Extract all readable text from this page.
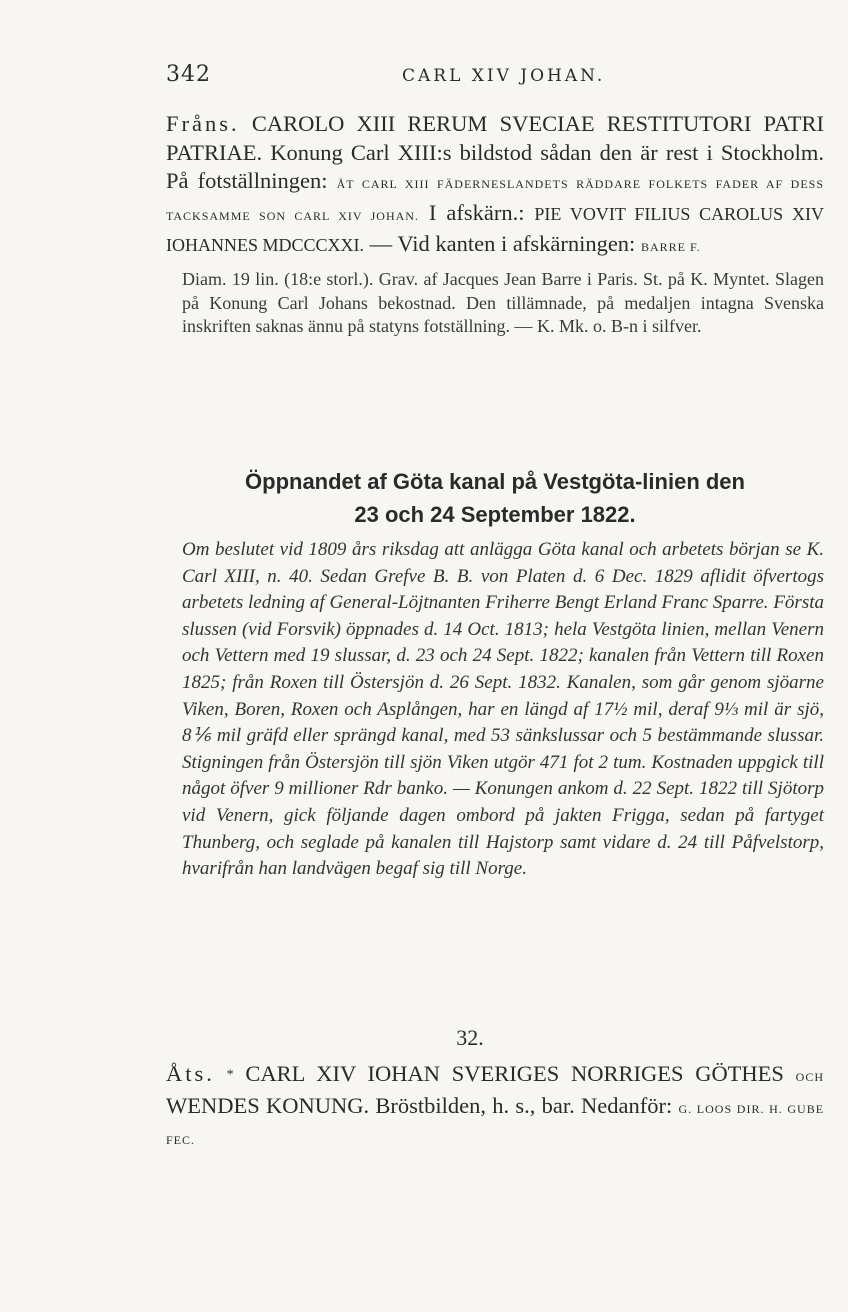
342	CARL XIV JOHAN.

Fråns. CAROLO XIII RERUM SVECIAE RESTITUTORI PATRI PATRIAE. Konung Carl XIII:s bildstod sådan den är rest i Stockholm. På fotställningen: ÅT CARL XIII FÄDERNESLANDETS RÄDDARE FOLKETS FADER AF DESS TACKSAMME SON CARL XIV JOHAN. I afskärn.: PIE VOVIT FILIUS CAROLUS XIV IOHANNES MDCCCXXI. — Vid kanten i afskärningen: BARRE F.

Diam. 19 lin. (18:e storl.). Grav. af Jacques Jean Barre i Paris. St. på K. Myntet. Slagen på Konung Carl Johans bekostnad. Den tillämnade, på medaljen intagna Svenska inskriften saknas ännu på statyns fotställning. — K. Mk. o. B-n i silfver.

Öppnandet af Göta kanal på Vestgöta-linien den
23 och 24 September 1822.

Om beslutet vid 1809 års riksdag att anlägga Göta kanal och arbetets början se K. Carl XIII, n. 40. Sedan Grefve B. B. von Platen d. 6 Dec. 1829 aflidit öfvertogs arbetets ledning af General-Löjtnanten Friherre Bengt Erland Franc Sparre. Första slussen (vid Forsvik) öppnades d. 14 Oct. 1813; hela Vestgöta linien, mellan Venern och Vettern med 19 slussar, d. 23 och 24 Sept. 1822; kanalen från Vettern till Roxen 1825; från Roxen till Östersjön d. 26 Sept. 1832. Kanalen, som går genom sjöarne Viken, Boren, Roxen och Asplången, har en längd af 17½ mil, deraf 9⅓ mil är sjö, 8⅙ mil gräfd eller sprängd kanal, med 53 sänkslussar och 5 bestämmande slussar. Stigningen från Östersjön till sjön Viken utgör 471 fot 2 tum. Kostnaden uppgick till något öfver 9 millioner Rdr banko. — Konungen ankom d. 22 Sept. 1822 till Sjötorp vid Venern, gick följande dagen ombord på jakten Frigga, sedan på fartyget Thunberg, och seglade på kanalen till Hajstorp samt vidare d. 24 till Påfvelstorp, hvarifrån han landvägen begaf sig till Norge.

32.

Åts. * CARL XIV IOHAN SVERIGES NORRIGES GÖTHES OCH WENDES KONUNG. Bröstbilden, h. s., bar. Nedanför: G. LOOS DIR. H. GUBE FEC.
